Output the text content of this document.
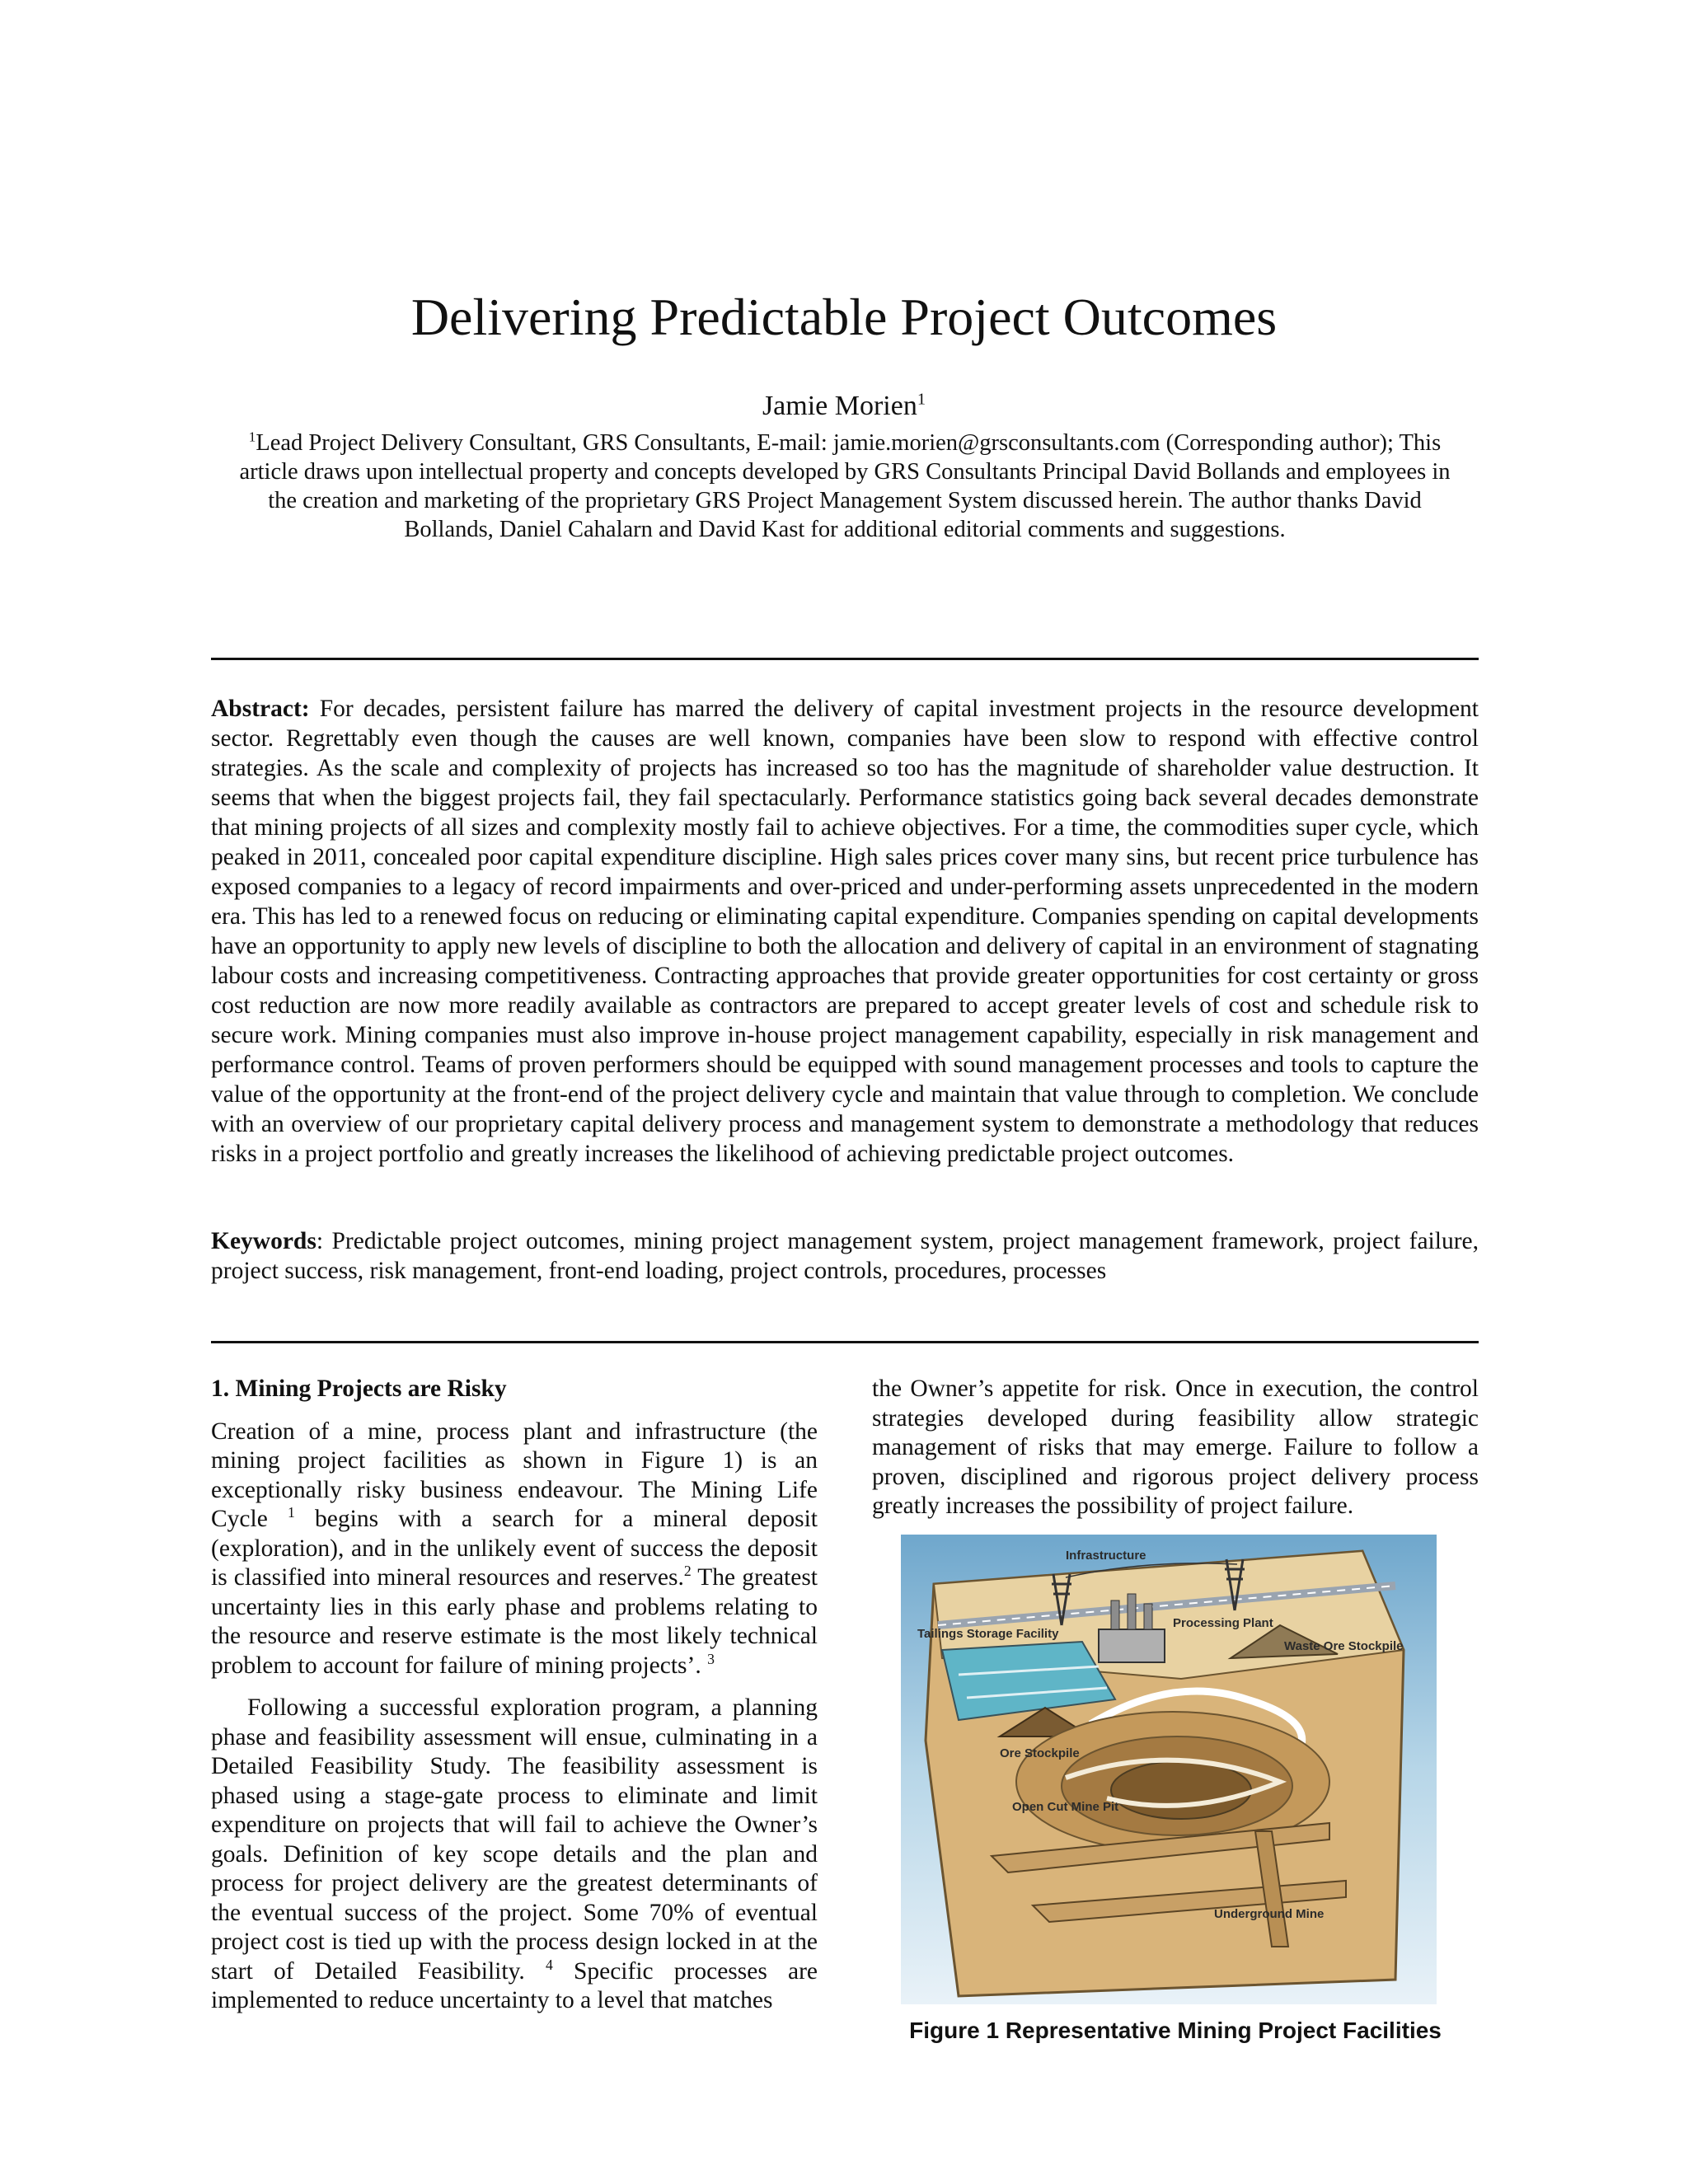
Delivering Predictable Project Outcomes
Jamie Morien$^1$
$^1$Lead Project Delivery Consultant, GRS Consultants, E-mail: jamie.morien@grsconsultants.com (Corresponding author); This article draws upon intellectual property and concepts developed by GRS Consultants Principal David Bollands and employees in the creation and marketing of the proprietary GRS Project Management System discussed herein. The author thanks David Bollands, Daniel Cahalarn and David Kast for additional editorial comments and suggestions.

Abstract: For decades, persistent failure has marred the delivery of capital investment projects in the resource development sector. Regrettably even though the causes are well known, companies have been slow to respond with effective control strategies. As the scale and complexity of projects has increased so too has the magnitude of shareholder value destruction. It seems that when the biggest projects fail, they fail spectacularly. Performance statistics going back several decades demonstrate that mining projects of all sizes and complexity mostly fail to achieve objectives. For a time, the commodities super cycle, which peaked in 2011, concealed poor capital expenditure discipline. High sales prices cover many sins, but recent price turbulence has exposed companies to a legacy of record impairments and over-priced and under-performing assets unprecedented in the modern era. This has led to a renewed focus on reducing or eliminating capital expenditure. Companies spending on capital developments have an opportunity to apply new levels of discipline to both the allocation and delivery of capital in an environment of stagnating labour costs and increasing competitiveness. Contracting approaches that provide greater opportunities for cost certainty or gross cost reduction are now more readily available as contractors are prepared to accept greater levels of cost and schedule risk to secure work. Mining companies must also improve in-house project management capability, especially in risk management and performance control. Teams of proven performers should be equipped with sound management processes and tools to capture the value of the opportunity at the front-end of the project delivery cycle and maintain that value through to completion. We conclude with an overview of our proprietary capital delivery process and management system to demonstrate a methodology that reduces risks in a project portfolio and greatly increases the likelihood of achieving predictable project outcomes.

Keywords: Predictable project outcomes, mining project management system, project management framework, project failure, project success, risk management, front-end loading, project controls, procedures, processes

1. Mining Projects are Risky

Creation of a mine, process plant and infrastructure (the mining project facilities as shown in Figure 1) is an exceptionally risky business endeavour. The Mining Life Cycle $^1$ begins with a search for a mineral deposit (exploration), and in the unlikely event of success the deposit is classified into mineral resources and reserves.$^2$ The greatest uncertainty lies in this early phase and problems relating to the resource and reserve estimate is the most likely technical problem to account for failure of mining projects’. $^3$

Following a successful exploration program, a planning phase and feasibility assessment will ensue, culminating in a Detailed Feasibility Study. The feasibility assessment is phased using a stage-gate process to eliminate and limit expenditure on projects that will fail to achieve the Owner’s goals. Definition of key scope details and the plan and process for project delivery are the greatest determinants of the eventual success of the project. Some 70% of eventual project cost is tied up with the process design locked in at the start of Detailed Feasibility. $^4$ Specific processes are implemented to reduce uncertainty to a level that matches

the Owner’s appetite for risk. Once in execution, the control strategies developed during feasibility allow strategic management of risks that may emerge. Failure to follow a proven, disciplined and rigorous project delivery process greatly increases the possibility of project failure.

Infrastructure
Processing Plant
Tailings Storage Facility
Waste Ore Stockpile
Ore Stockpile
Open Cut Mine Pit
Underground Mine
Figure 1 Representative Mining Project Facilities
